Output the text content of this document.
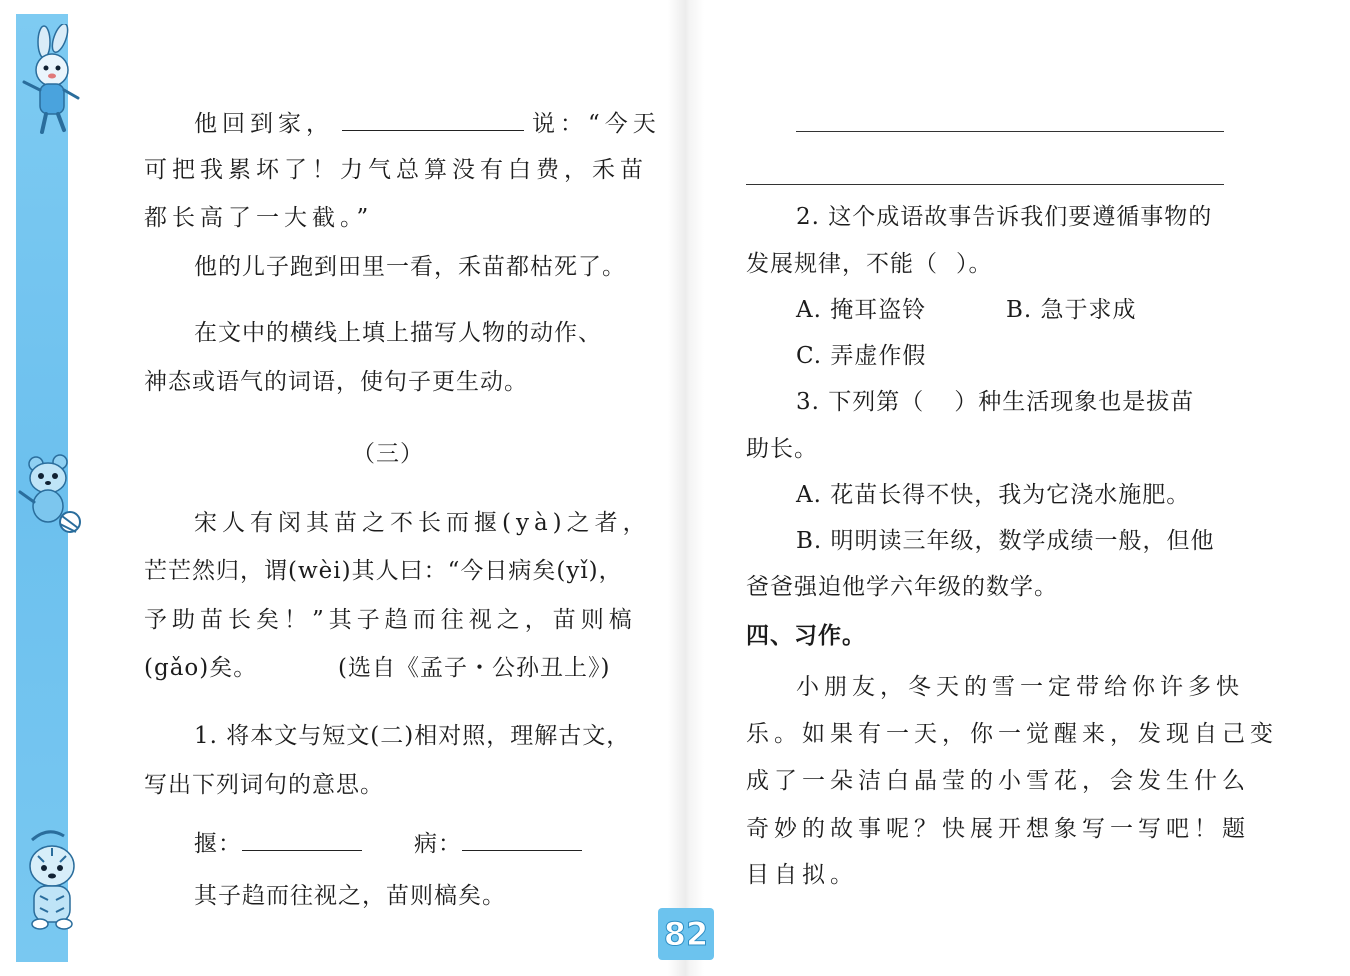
他回到家，	说：“今天
可把我累坏了！力气总算没有白费，禾苗
都长高了一大截。”
他的儿子跑到田里一看，禾苗都枯死了。
在文中的横线上填上描写人物的动作、
神态或语气的词语，使句子更生动。
（三）
宋人有闵其苗之不长而揠(yà)之者，
芒芒然归，谓(wèi)其人曰：“今日病矣(yǐ)，
予助苗长矣！”其子趋而往视之，苗则槁
(gǎo)矣。	(选自《孟子・公孙丑上》)
1. 将本文与短文(二)相对照，理解古文，
写出下列词句的意思。
揠：	病：
其子趋而往视之，苗则槁矣。
2. 这个成语故事告诉我们要遵循事物的
发展规律，不能（ ）。
A. 掩耳盗铃	B. 急于求成
C. 弄虚作假
3. 下列第（ ）种生活现象也是拔苗
助长。
A. 花苗长得不快，我为它浇水施肥。
B. 明明读三年级，数学成绩一般，但他
爸爸强迫他学六年级的数学。
四、习作。
小朋友，冬天的雪一定带给你许多快
乐。如果有一天，你一觉醒来，发现自己变
成了一朵洁白晶莹的小雪花，会发生什么
奇妙的故事呢？快展开想象写一写吧！题
目自拟。
82
